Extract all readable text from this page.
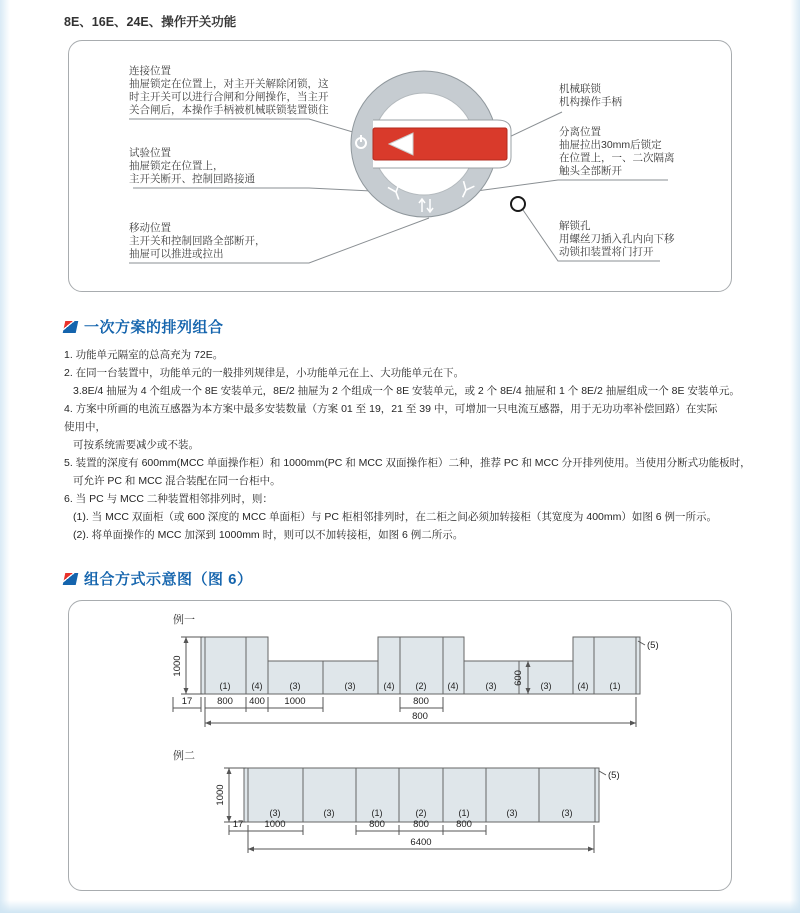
8E、16E、24E、操作开关功能
连接位置
抽屉锁定在位置上，对主开关解除闭锁，这
时主开关可以进行合闸和分闸操作，当主开
关合闸后，本操作手柄被机械联锁装置锁住
试验位置
抽屉锁定在位置上，
主开关断开、控制回路接通
移动位置
主开关和控制回路全部断开，
抽屉可以推进或拉出
机械联锁
机构操作手柄
分离位置
抽屉拉出30mm后锁定
在位置上，一、二次隔离
触头全部断开
解锁孔
用螺丝刀插入孔内向下移
动锁扣装置将门打开
一次方案的排列组合
1. 功能单元隔室的总高充为 72E。
2. 在同一台装置中，功能单元的一般排列规律是，小功能单元在上、大功能单元在下。
3.8E/4 抽屉为 4 个组成一个 8E 安装单元，8E/2 抽屉为 2 个组成一个 8E 安装单元，或 2 个 8E/4 抽屉和 1 个 8E/2 抽屉组成一个 8E 安装单元。
4. 方案中所画的电流互感器为本方案中最多安装数量（方案 01 至 19，21 至 39 中，可增加一只电流互感器，用于无功功率补偿回路）在实际
使用中，
可按系统需要减少或不装。
5. 装置的深度有 600mm(MCC 单面操作柜）和 1000mm(PC 和 MCC 双面操作柜）二种，推荐 PC 和 MCC 分开排列使用。当使用分断式功能板时，
可允许 PC 和 MCC 混合装配在同一台柜中。
6. 当 PC 与 MCC 二种装置相邻排列时，则：
(1). 当 MCC 双面柜（或 600 深度的 MCC 单面柜）与 PC 柜相邻排列时，在二柜之间必须加转接柜（其宽度为 400mm）如图 6 例一所示。
(2). 将单面操作的 MCC 加深到 1000mm 时，则可以不加转接柜，如图 6 例二所示。
组合方式示意图（图 6）
例一
(1) (4)	(3)	(3)	(4) (2) (4)	(3)	(3)	(4) (1)
1000
600
(5)
17	800 400 1000	800
800
例二
(3)	(3)	(1)	(2)	(1)	(3)	(3)
1000
(5)
17 1000	800	800	800
6400
